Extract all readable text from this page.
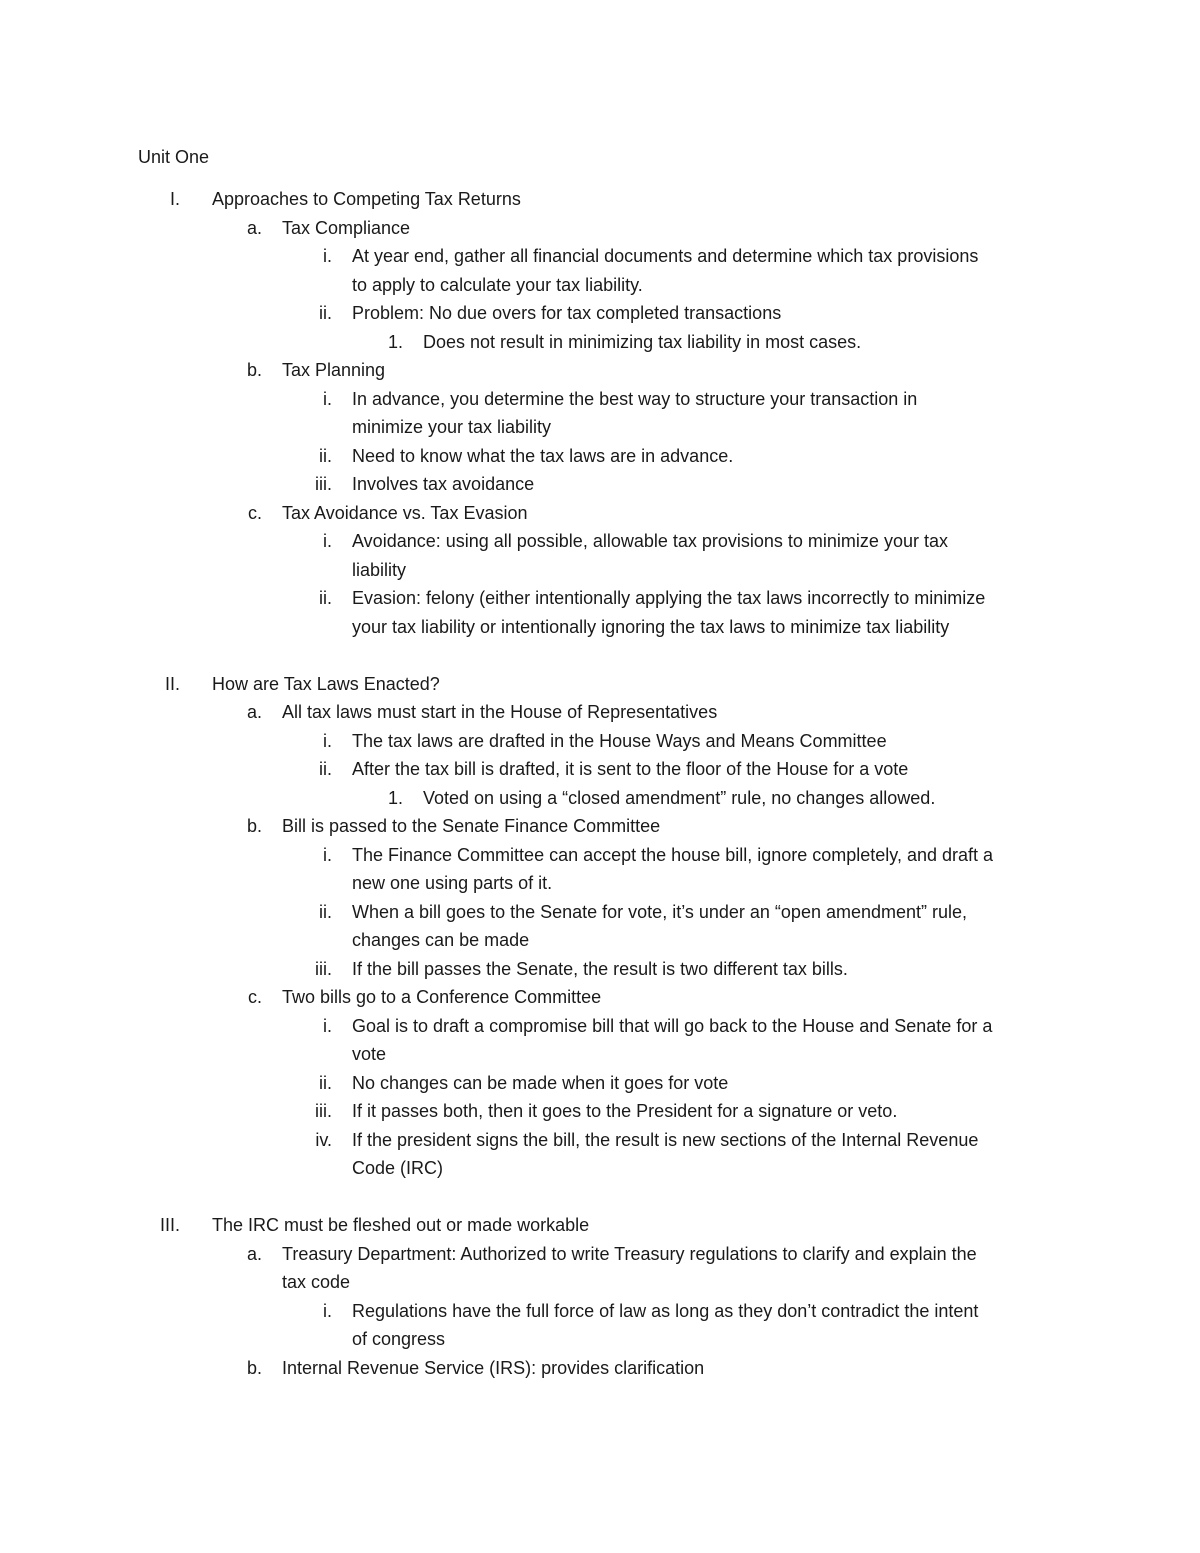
Unit One
I. Approaches to Competing Tax Returns
a. Tax Compliance
i. At year end, gather all financial documents and determine which tax provisions
to apply to calculate your tax liability.
ii. Problem: No due overs for tax completed transactions
1. Does not result in minimizing tax liability in most cases.
b. Tax Planning
i. In advance, you determine the best way to structure your transaction in
minimize your tax liability
ii. Need to know what the tax laws are in advance.
iii. Involves tax avoidance
c. Tax Avoidance vs. Tax Evasion
i. Avoidance: using all possible, allowable tax provisions to minimize your tax
liability
ii. Evasion: felony (either intentionally applying the tax laws incorrectly to minimize
your tax liability or intentionally ignoring the tax laws to minimize tax liability
II. How are Tax Laws Enacted?
a. All tax laws must start in the House of Representatives
i. The tax laws are drafted in the House Ways and Means Committee
ii. After the tax bill is drafted, it is sent to the floor of the House for a vote
1. Voted on using a “closed amendment” rule, no changes allowed.
b. Bill is passed to the Senate Finance Committee
i. The Finance Committee can accept the house bill, ignore completely, and draft a
new one using parts of it.
ii. When a bill goes to the Senate for vote, it’s under an “open amendment” rule,
changes can be made
iii. If the bill passes the Senate, the result is two different tax bills.
c. Two bills go to a Conference Committee
i. Goal is to draft a compromise bill that will go back to the House and Senate for a
vote
ii. No changes can be made when it goes for vote
iii. If it passes both, then it goes to the President for a signature or veto.
iv. If the president signs the bill, the result is new sections of the Internal Revenue
Code (IRC)
III. The IRC must be fleshed out or made workable
a. Treasury Department: Authorized to write Treasury regulations to clarify and explain the
tax code
i. Regulations have the full force of law as long as they don’t contradict the intent
of congress
b. Internal Revenue Service (IRS): provides clarification
